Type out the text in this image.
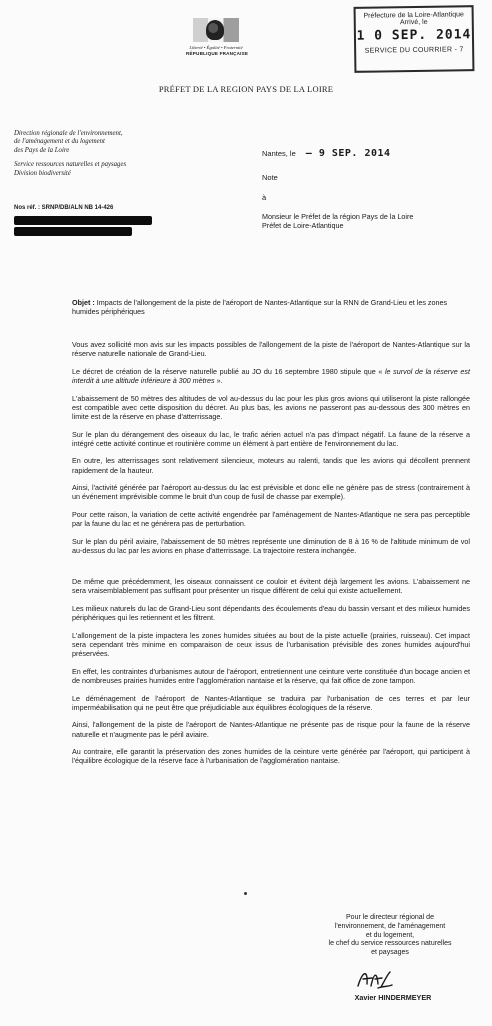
Liberté • Égalité • Fraternité
RÉPUBLIQUE FRANÇAISE
Préfecture de la Loire-Atlantique
Arrivé, le
1 0 SEP. 2014
SERVICE DU COURRIER - 7
PRÉFET DE LA REGION PAYS DE LA LOIRE
Direction régionale de l'environnement,
de l'aménagement et du logement
des Pays de la Loire
Service ressources naturelles et paysages
Division biodiversité
Nos réf. : SRNP/DB/ALN NB 14-426
Nantes, le – 9 SEP. 2014
Note
à
Monsieur le Préfet de la région Pays de la Loire
Préfet de Loire-Atlantique
Objet : Impacts de l'allongement de la piste de l'aéroport de Nantes-Atlantique sur la RNN de Grand-Lieu et les zones humides périphériques

Vous avez sollicité mon avis sur les impacts possibles de l'allongement de la piste de l'aéroport de Nantes-Atlantique sur la réserve naturelle nationale de Grand-Lieu.

Le décret de création de la réserve naturelle publié au JO du 16 septembre 1980 stipule que « le survol de la réserve est interdit à une altitude inférieure à 300 mètres ».

L'abaissement de 50 mètres des altitudes de vol au-dessus du lac pour les plus gros avions qui utiliseront la piste rallongée est compatible avec cette disposition du décret. Au plus bas, les avions ne passeront pas au-dessous des 300 mètres en limite est de la réserve en phase d'atterrissage.

Sur le plan du dérangement des oiseaux du lac, le trafic aérien actuel n'a pas d'impact négatif. La faune de la réserve a intégré cette activité continue et routinière comme un élément à part entière de l'environnement du lac.

En outre, les atterrissages sont relativement silencieux, moteurs au ralenti, tandis que les avions qui décollent prennent rapidement de la hauteur.

Ainsi, l'activité générée par l'aéroport au-dessus du lac est prévisible et donc elle ne génère pas de stress (contrairement à un événement imprévisible comme le bruit d'un coup de fusil de chasse par exemple).

Pour cette raison, la variation de cette activité engendrée par l'aménagement de Nantes-Atlantique ne sera pas perceptible par la faune du lac et ne générera pas de perturbation.

Sur le plan du péril aviaire, l'abaissement de 50 mètres représente une diminution de 8 à 16 % de l'altitude minimum de vol au-dessus du lac par les avions en phase d'atterrissage. La trajectoire restera inchangée.

De même que précédemment, les oiseaux connaissent ce couloir et évitent déjà largement les avions. L'abaissement ne sera vraisemblablement pas suffisant pour présenter un risque différent de celui qui existe actuellement.

Les milieux naturels du lac de Grand-Lieu sont dépendants des écoulements d'eau du bassin versant et des milieux humides périphériques qui les retiennent et les filtrent.

L'allongement de la piste impactera les zones humides situées au bout de la piste actuelle (prairies, ruisseau). Cet impact sera cependant très minime en comparaison de ceux issus de l'urbanisation prévisible des zones humides aujourd'hui préservées.

En effet, les contraintes d'urbanismes autour de l'aéroport, entretiennent une ceinture verte constituée d'un bocage ancien et de nombreuses prairies humides entre l'agglomération nantaise et la réserve, qui fait office de zone tampon.

Le déménagement de l'aéroport de Nantes-Atlantique se traduira par l'urbanisation de ces terres et par leur imperméabilisation qui ne peut être que préjudiciable aux équilibres écologiques de la réserve.

Ainsi, l'allongement de la piste de l'aéroport de Nantes-Atlantique ne présente pas de risque pour la faune de la réserve naturelle et n'augmente pas le péril aviaire.

Au contraire, elle garantit la préservation des zones humides de la ceinture verte générée par l'aéroport, qui participent à l'équilibre écologique de la réserve face à l'urbanisation de l'agglomération nantaise.

Pour le directeur régional de
l'environnement, de l'aménagement
et du logement,
le chef du service ressources naturelles
et paysages
Xavier HINDERMEYER
